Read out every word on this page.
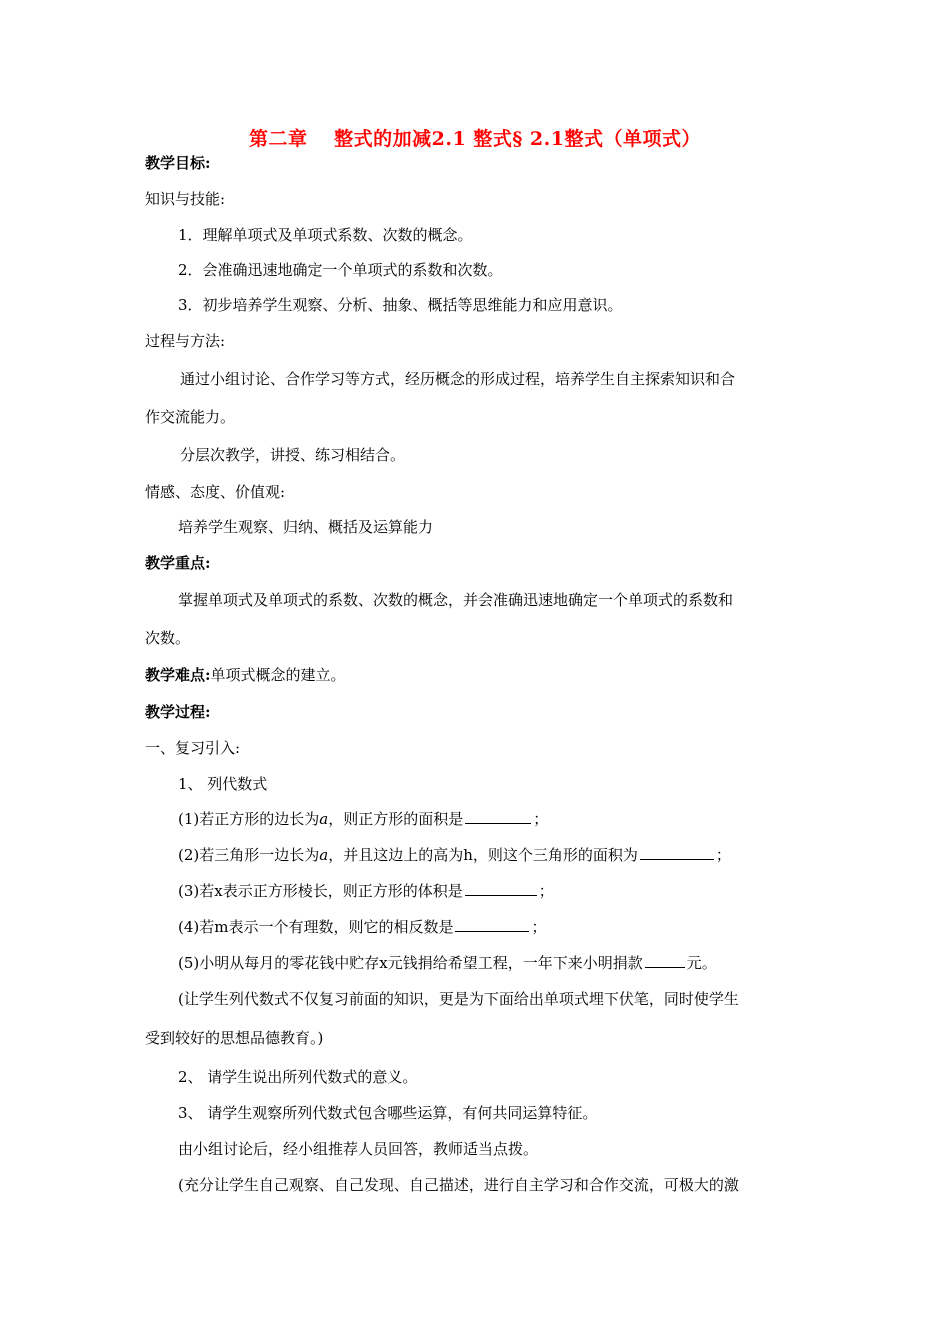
第二章　 整式的加减2.1 整式§ 2.1整式（单项式）
教学目标:
知识与技能:
1．理解单项式及单项式系数、次数的概念。
2．会准确迅速地确定一个单项式的系数和次数。
3．初步培养学生观察、分析、抽象、概括等思维能力和应用意识。
过程与方法:
通过小组讨论、合作学习等方式，经历概念的形成过程，培养学生自主探索知识和合
作交流能力。
分层次教学，讲授、练习相结合。
情感、态度、价值观:
培养学生观察、归纳、概括及运算能力
教学重点:
掌握单项式及单项式的系数、次数的概念，并会准确迅速地确定一个单项式的系数和
次数。
教学难点:单项式概念的建立。
教学过程:
一、复习引入:
1、 列代数式
(1)若正方形的边长为a，则正方形的面积是	；
(2)若三角形一边长为a，并且这边上的高为h，则这个三角形的面积为	；
(3)若x表示正方形棱长，则正方形的体积是	；
(4)若m表示一个有理数，则它的相反数是	；
(5)小明从每月的零花钱中贮存x元钱捐给希望工程，一年下来小明捐款	元。
(让学生列代数式不仅复习前面的知识，更是为下面给出单项式埋下伏笔，同时使学生
受到较好的思想品德教育。)
2、 请学生说出所列代数式的意义。
3、 请学生观察所列代数式包含哪些运算，有何共同运算特征。
由小组讨论后，经小组推荐人员回答，教师适当点拨。
(充分让学生自己观察、自己发现、自己描述，进行自主学习和合作交流，可极大的激
